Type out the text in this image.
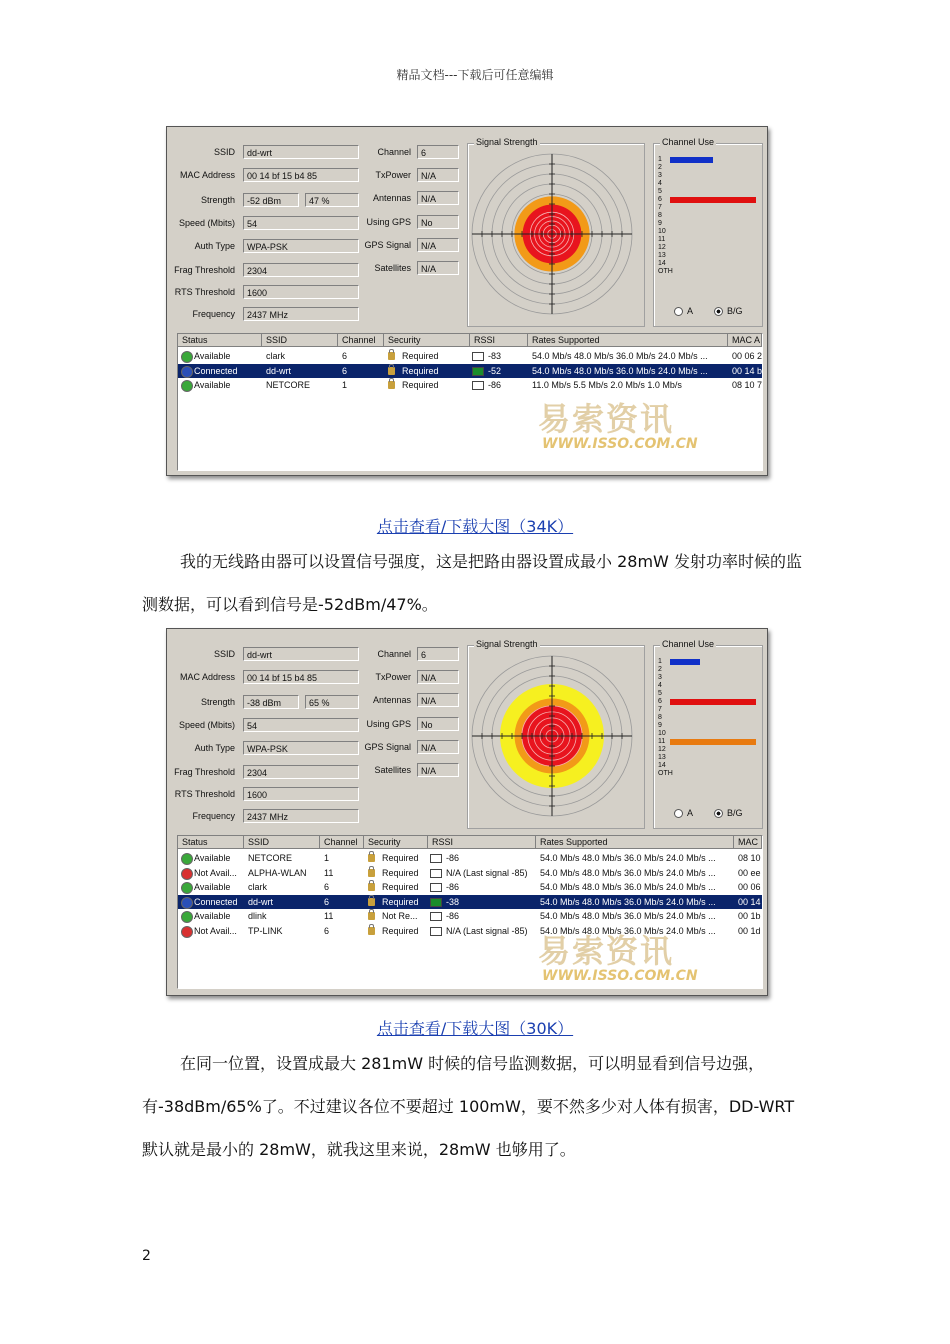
精品文档---下载后可任意编辑
SSID	dd-wrt
MAC Address	00 14 bf 15 b4 85
Strength	-52 dBm	47 %
Speed (Mbits)	54
Auth Type	WPA-PSK
Frag Threshold	2304
RTS Threshold	1600
Frequency	2437 MHz
Channel	6
TxPower	N/A
Antennas	N/A
Using GPS	No
GPS Signal	N/A
Satellites	N/A
Signal Strength	Channel Use
1
2
3
4
5
6
7
8
9
10
11
12
13
14
OTH
A	B/G
Status	SSID	Channel	Security	RSSI	Rates Supported	MAC A
Available	clark	6	Required	-83	54.0 Mb/s 48.0 Mb/s 36.0 Mb/s 24.0 Mb/s ...	00 06 2
Connected	dd-wrt	6	Required	-52	54.0 Mb/s 48.0 Mb/s 36.0 Mb/s 24.0 Mb/s ...	00 14 b
Available	NETCORE	1	Required	-86	11.0 Mb/s 5.5 Mb/s 2.0 Mb/s 1.0 Mb/s	08 10 7
易索资讯
WWW.ISSO.COM.CN
点击查看/下载大图（34K）

我的无线路由器可以设置信号强度，这是把路由器设置成最小 28mW 发射功率时候的监测数据，可以看到信号是-52dBm/47%。

SSID	dd-wrt
MAC Address	00 14 bf 15 b4 85
Strength	-38 dBm	65 %
Speed (Mbits)	54
Auth Type	WPA-PSK
Frag Threshold	2304
RTS Threshold	1600
Frequency	2437 MHz
Channel	6
TxPower	N/A
Antennas	N/A
Using GPS	No
GPS Signal	N/A
Satellites	N/A
Signal Strength	Channel Use
1
2
3
4
5
6
7
8
9
10
11
12
13
14
OTH
A	B/G
Status	SSID	Channel	Security	RSSI	Rates Supported	MAC
Available	NETCORE	1	Required	-86	54.0 Mb/s 48.0 Mb/s 36.0 Mb/s 24.0 Mb/s ...	08 10
Not Avail...	ALPHA-WLAN	11	Required	N/A (Last signal -85)	54.0 Mb/s 48.0 Mb/s 36.0 Mb/s 24.0 Mb/s ...	00 ee
Available	clark	6	Required	-86	54.0 Mb/s 48.0 Mb/s 36.0 Mb/s 24.0 Mb/s ...	00 06
Connected	dd-wrt	6	Required	-38	54.0 Mb/s 48.0 Mb/s 36.0 Mb/s 24.0 Mb/s ...	00 14
Available	dlink	11	Not Re...	-86	54.0 Mb/s 48.0 Mb/s 36.0 Mb/s 24.0 Mb/s ...	00 1b
Not Avail...	TP-LINK	6	Required	N/A (Last signal -85)	54.0 Mb/s 48.0 Mb/s 36.0 Mb/s 24.0 Mb/s ...	00 1d
易索资讯
WWW.ISSO.COM.CN
点击查看/下载大图（30K）

在同一位置，设置成最大 281mW 时候的信号监测数据，可以明显看到信号边强，有-38dBm/65%了。不过建议各位不要超过 100mW，要不然多少对人体有损害，DD-WRT 默认就是最小的 28mW，就我这里来说，28mW 也够用了。

2
